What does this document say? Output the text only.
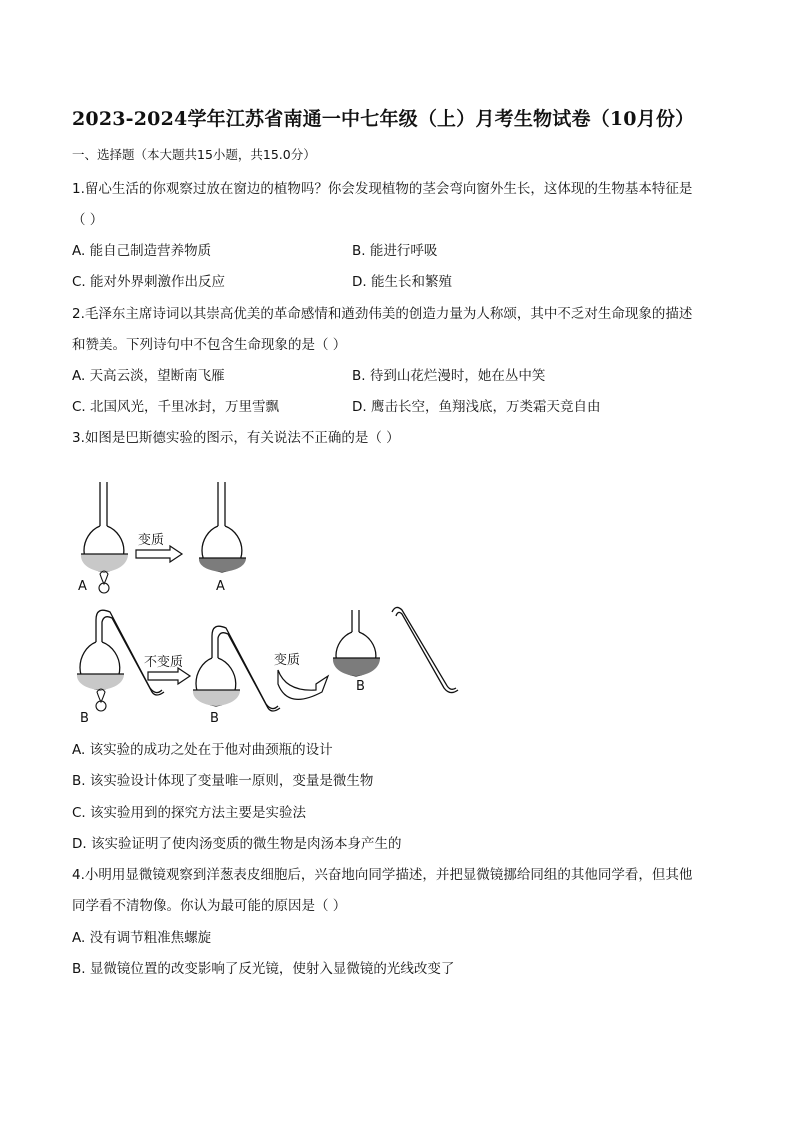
2023-2024学年江苏省南通一中七年级（上）月考生物试卷（10月份）
一、选择题（本大题共15小题，共15.0分）
1.留心生活的你观察过放在窗边的植物吗？你会发现植物的茎会弯向窗外生长，这体现的生物基本特征是
（ ）
A. 能自己制造营养物质	B. 能进行呼吸
C. 能对外界刺激作出反应	D. 能生长和繁殖
2.毛泽东主席诗词以其崇高优美的革命感情和遒劲伟美的创造力量为人称颂，其中不乏对生命现象的描述
和赞美。下列诗句中不包含生命现象的是（ ）
A. 天高云淡，望断南飞雁	B. 待到山花烂漫时，她在丛中笑
C. 北国风光，千里冰封，万里雪飘	D. 鹰击长空，鱼翔浅底，万类霜天竞自由
3.如图是巴斯德实验的图示，有关说法不正确的是（ ）
A
变质
A
B
不变质
B
变质
B
A. 该实验的成功之处在于他对曲颈瓶的设计
B. 该实验设计体现了变量唯一原则，变量是微生物
C. 该实验用到的探究方法主要是实验法
D. 该实验证明了使肉汤变质的微生物是肉汤本身产生的
4.小明用显微镜观察到洋葱表皮细胞后，兴奋地向同学描述，并把显微镜挪给同组的其他同学看，但其他
同学看不清物像。你认为最可能的原因是（ ）
A. 没有调节粗准焦螺旋
B. 显微镜位置的改变影响了反光镜，使射入显微镜的光线改变了
